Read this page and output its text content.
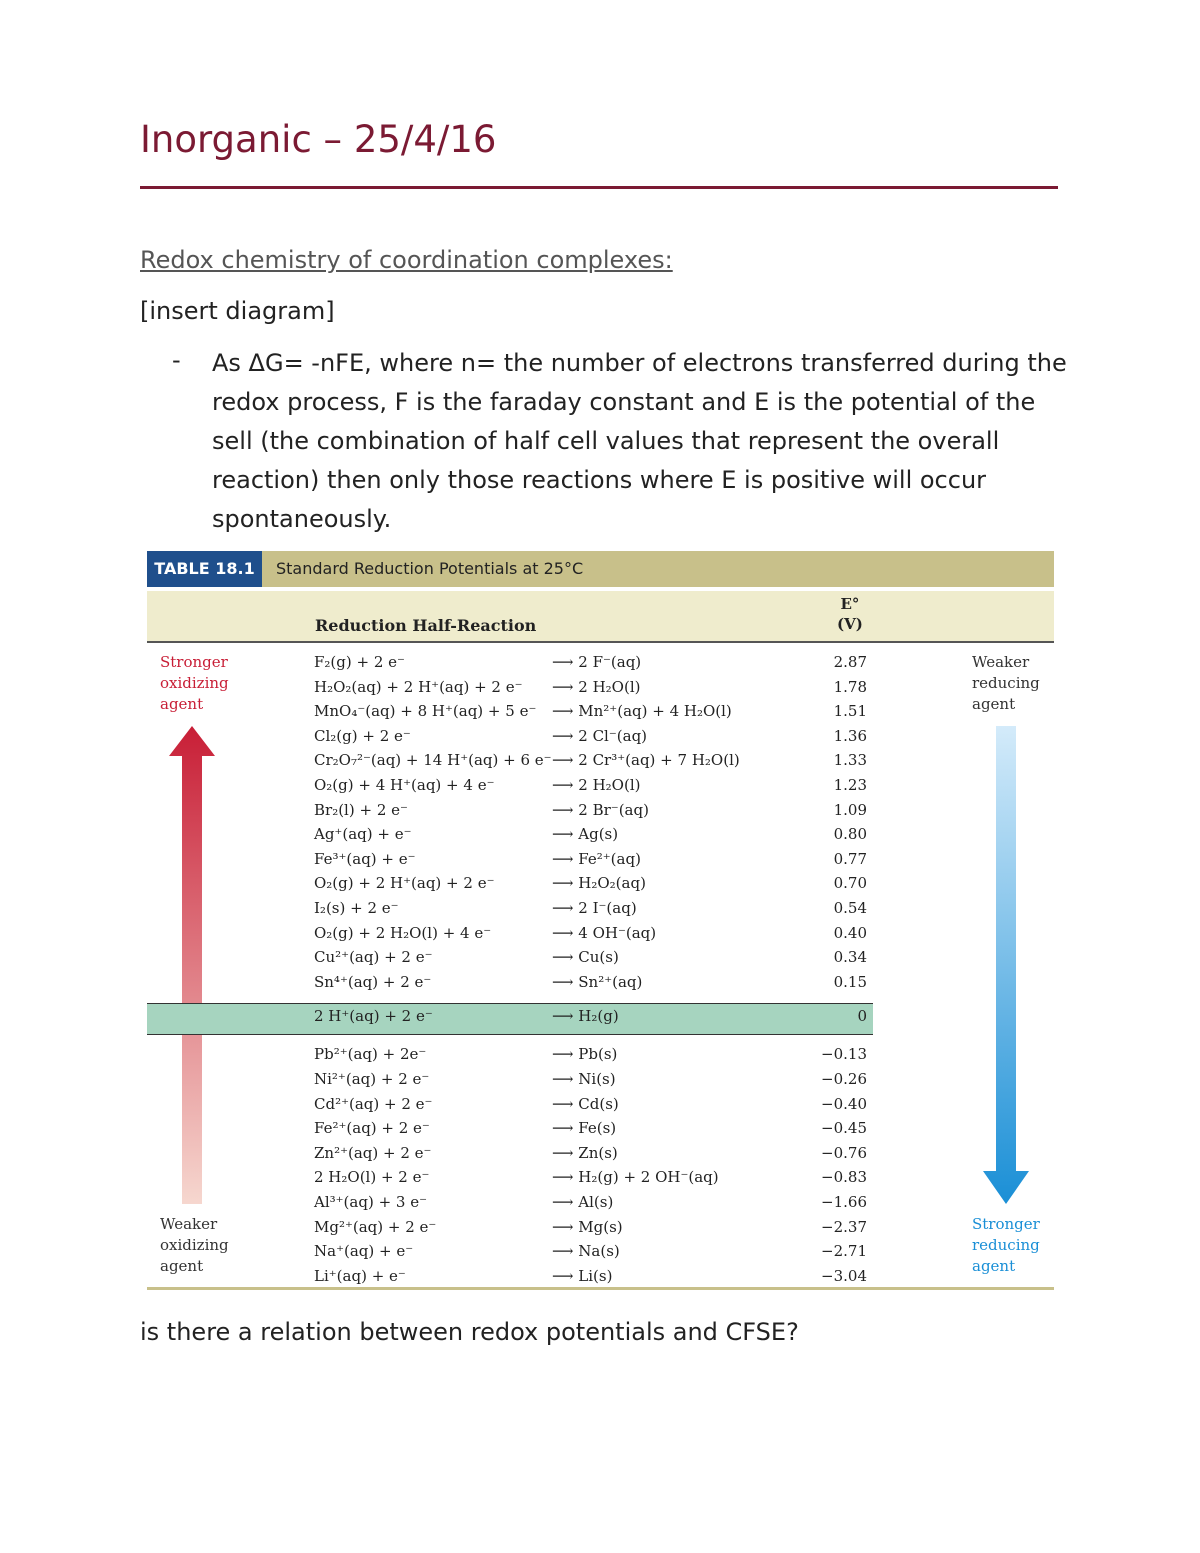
Inorganic – 25/4/16
Redox chemistry of coordination complexes:
[insert diagram]
- As ΔG= -nFE, where n= the number of electrons transferred during the redox process, F is the faraday constant and E is the potential of the sell (the combination of half cell values that represent the overall reaction) then only those reactions where E is positive will occur spontaneously.
TABLE 18.1	Standard Reduction Potentials at 25°C
Reduction Half-Reaction
E°
(V)
Stronger
oxidizing
agent
Weaker
oxidizing
agent
Weaker
reducing
agent
Stronger
reducing
agent
F₂(g) + 2 e⁻	⟶ 2 F⁻(aq)	2.87
H₂O₂(aq) + 2 H⁺(aq) + 2 e⁻ ⟶ 2 H₂O(l)	1.78
MnO₄⁻(aq) + 8 H⁺(aq) + 5 e⁻ ⟶ Mn²⁺(aq) + 4 H₂O(l)	1.51
Cl₂(g) + 2 e⁻	⟶ 2 Cl⁻(aq)	1.36
Cr₂O₇²⁻(aq) + 14 H⁺(aq) + 6 e⁻ ⟶ 2 Cr³⁺(aq) + 7 H₂O(l)	1.33
O₂(g) + 4 H⁺(aq) + 4 e⁻	⟶ 2 H₂O(l)	1.23
Br₂(l) + 2 e⁻	⟶ 2 Br⁻(aq)	1.09
Ag⁺(aq) + e⁻	⟶ Ag(s)	0.80
Fe³⁺(aq) + e⁻	⟶ Fe²⁺(aq)	0.77
O₂(g) + 2 H⁺(aq) + 2 e⁻	⟶ H₂O₂(aq)	0.70
I₂(s) + 2 e⁻	⟶ 2 I⁻(aq)	0.54
O₂(g) + 2 H₂O(l) + 4 e⁻	⟶ 4 OH⁻(aq)	0.40
Cu²⁺(aq) + 2 e⁻	⟶ Cu(s)	0.34
Sn⁴⁺(aq) + 2 e⁻	⟶ Sn²⁺(aq)	0.15
2 H⁺(aq) + 2 e⁻	⟶ H₂(g)	0
Pb²⁺(aq) + 2e⁻	⟶ Pb(s)	−0.13
Ni²⁺(aq) + 2 e⁻	⟶ Ni(s)	−0.26
Cd²⁺(aq) + 2 e⁻	⟶ Cd(s)	−0.40
Fe²⁺(aq) + 2 e⁻	⟶ Fe(s)	−0.45
Zn²⁺(aq) + 2 e⁻	⟶ Zn(s)	−0.76
2 H₂O(l) + 2 e⁻	⟶ H₂(g) + 2 OH⁻(aq)	−0.83
Al³⁺(aq) + 3 e⁻	⟶ Al(s)	−1.66
Mg²⁺(aq) + 2 e⁻	⟶ Mg(s)	−2.37
Na⁺(aq) + e⁻	⟶ Na(s)	−2.71
Li⁺(aq) + e⁻	⟶ Li(s)	−3.04
is there a relation between redox potentials and CFSE?
